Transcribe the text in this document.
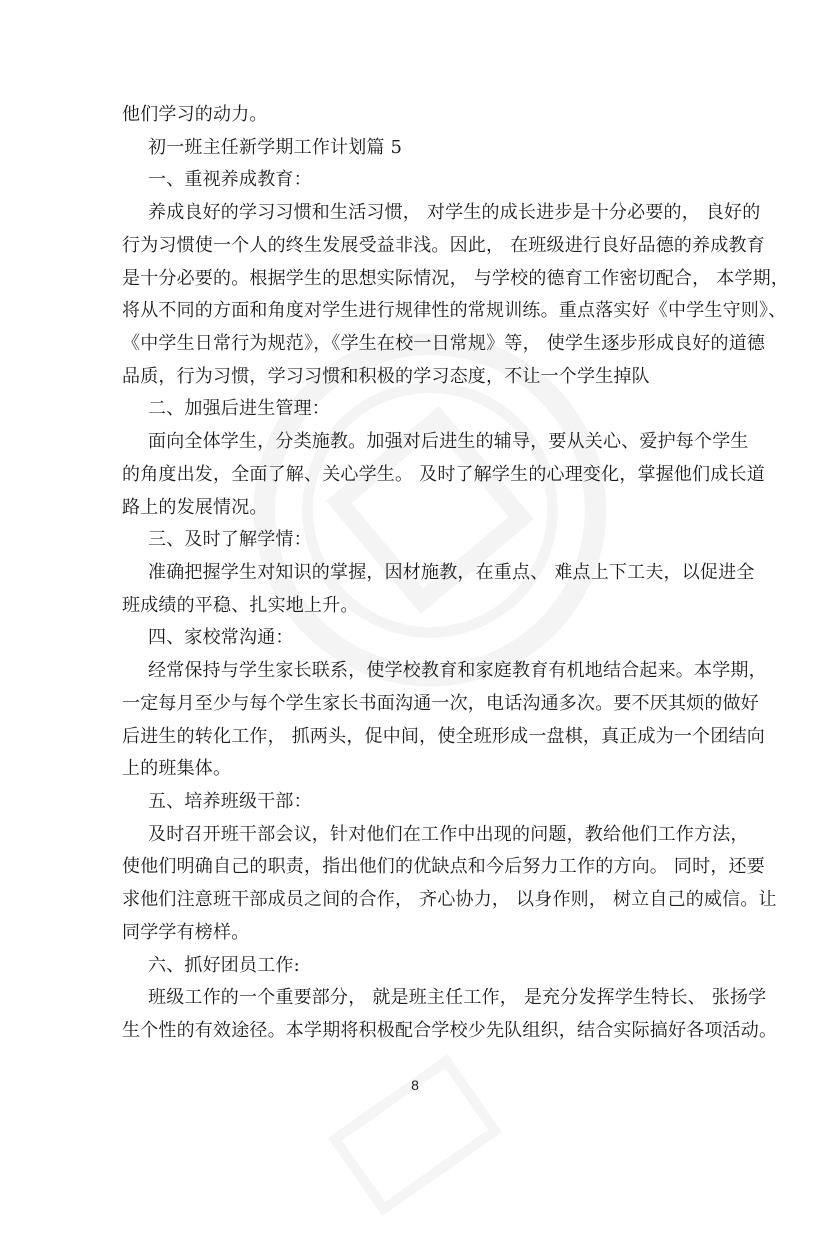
他们学习的动力。
初一班主任新学期工作计划篇 5
一、重视养成教育：
养成良好的学习习惯和生活习惯， 对学生的成长进步是十分必要的， 良好的
行为习惯使一个人的终生发展受益非浅。因此， 在班级进行良好品德的养成教育
是十分必要的。根据学生的思想实际情况， 与学校的德育工作密切配合， 本学期，
将从不同的方面和角度对学生进行规律性的常规训练。重点落实好《中学生守则》、
《中学生日常行为规范》，《学生在校一日常规》等， 使学生逐步形成良好的道德
品质，行为习惯，学习习惯和积极的学习态度，不让一个学生掉队
二、加强后进生管理：
面向全体学生，分类施教。加强对后进生的辅导，要从关心、爱护每个学生
的角度出发，全面了解、关心学生。 及时了解学生的心理变化，掌握他们成长道
路上的发展情况。
三、及时了解学情：
准确把握学生对知识的掌握，因材施教，在重点、 难点上下工夫，以促进全
班成绩的平稳、扎实地上升。
四、家校常沟通：
经常保持与学生家长联系，使学校教育和家庭教育有机地结合起来。本学期，
一定每月至少与每个学生家长书面沟通一次，电话沟通多次。要不厌其烦的做好
后进生的转化工作， 抓两头，促中间，使全班形成一盘棋，真正成为一个团结向
上的班集体。
五、培养班级干部：
及时召开班干部会议，针对他们在工作中出现的问题，教给他们工作方法，
使他们明确自己的职责，指出他们的优缺点和今后努力工作的方向。 同时，还要
求他们注意班干部成员之间的合作， 齐心协力， 以身作则， 树立自己的威信。让
同学学有榜样。
六、抓好团员工作:
班级工作的一个重要部分， 就是班主任工作， 是充分发挥学生特长、 张扬学
生个性的有效途径。本学期将积极配合学校少先队组织，结合实际搞好各项活动。
8
